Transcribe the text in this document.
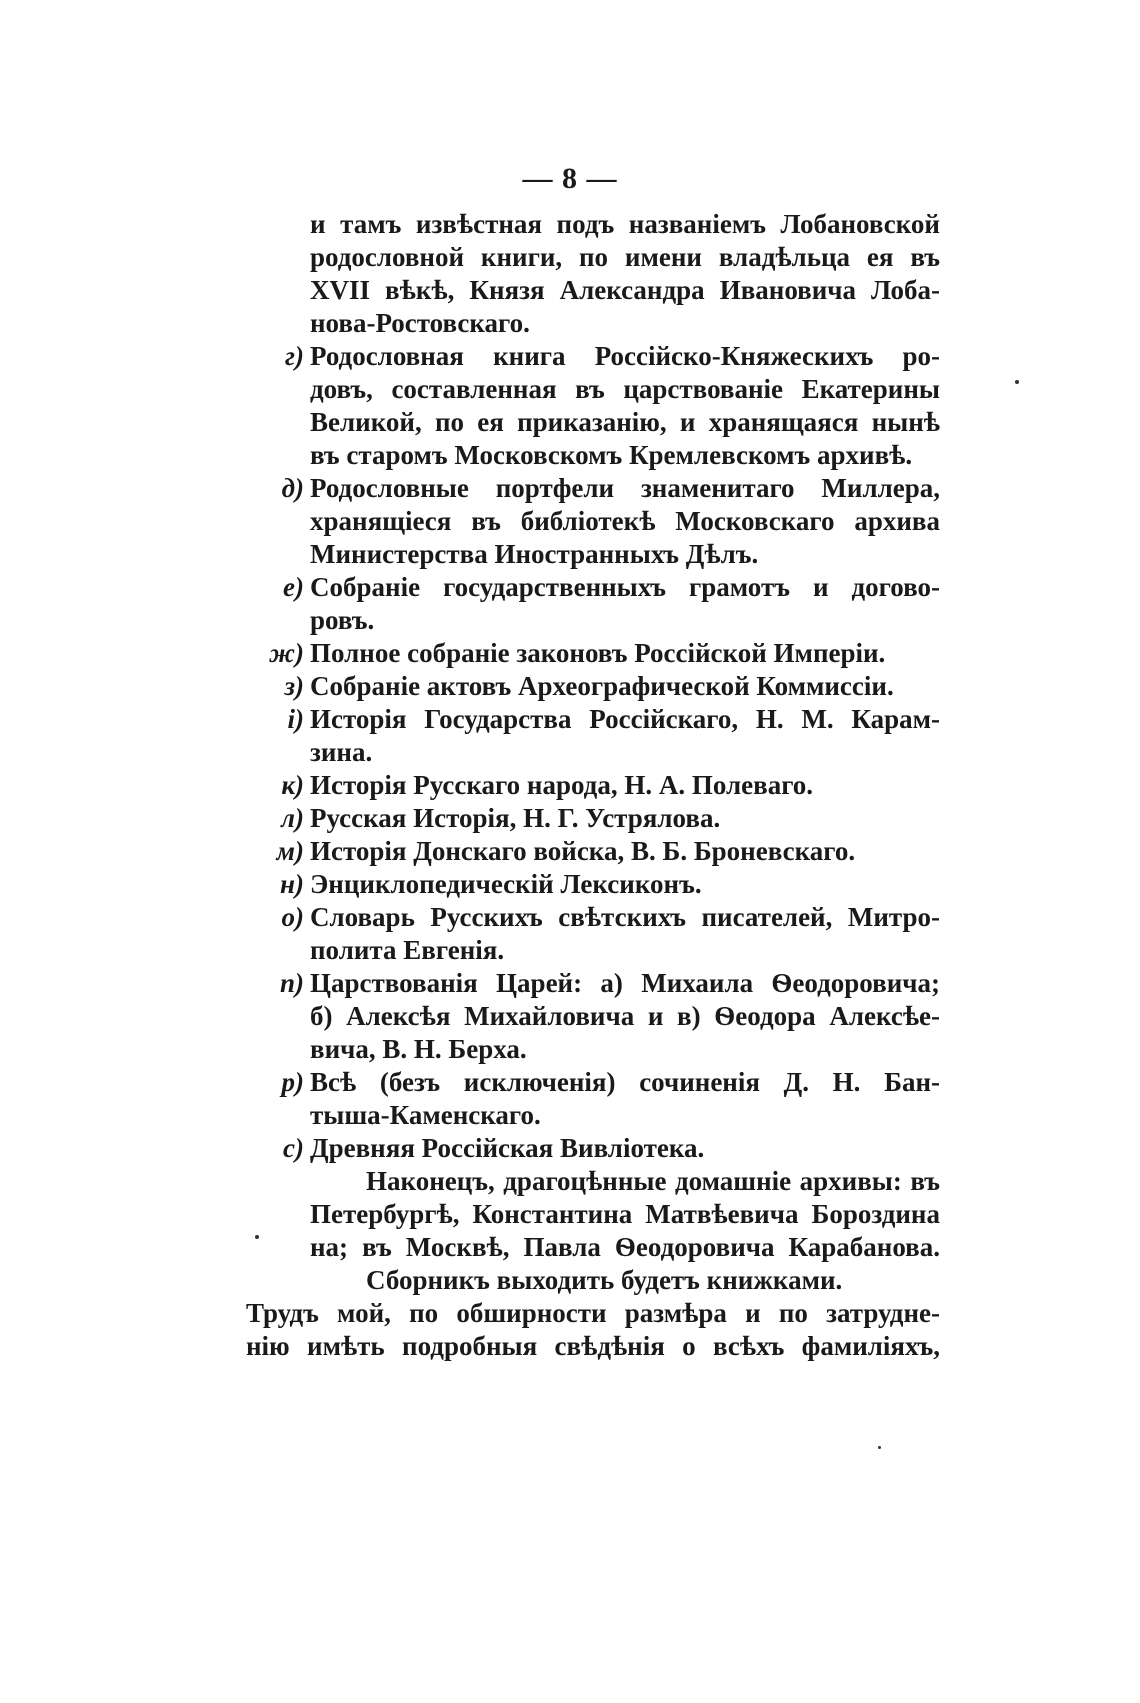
— 8 —
и тамъ извѣстная подъ названіемъ Лобановской
родословной книги, по имени владѣльца ея въ
XVII вѣкѣ, Князя Александра Ивановича Лоба-
нова-Ростовскаго.
г) Родословная книга Россійско-Княжескихъ ро-
довъ, составленная въ царствованіе Екатерины
Великой, по ея приказанію, и хранящаяся нынѣ
въ старомъ Московскомъ Кремлевскомъ архивѣ.
д) Родословные портфели знаменитаго Миллера,
хранящіеся въ библіотекѣ Московскаго архива
Министерства Иностранныхъ Дѣлъ.
е) Собраніе государственныхъ грамотъ и догово-
ровъ.
ж) Полное собраніе законовъ Россійской Имперіи.
з) Собраніе актовъ Археографической Коммиссіи.
і) Исторія Государства Россійскаго, Н. М. Карам-
зина.
к) Исторія Русскаго народа, Н. А. Полеваго.
л) Русская Исторія, Н. Г. Устрялова.
м) Исторія Донскаго войска, В. Б. Броневскаго.
н) Энциклопедическій Лексиконъ.
о) Словарь Русскихъ свѣтскихъ писателей, Митро-
полита Евгенія.
п) Царствованія Царей: а) Михаила Ѳеодоровича;
б) Алексѣя Михайловича и в) Ѳеодора Алексѣе-
вича, В. Н. Берха.
р) Всѣ (безъ исключенія) сочиненія Д. Н. Бан-
тыша-Каменскаго.
с) Древняя Россійская Вивліотека.
Наконецъ, драгоцѣнные домашніе архивы: въ
Петербургѣ, Константина Матвѣевича Бороздина
на; въ Москвѣ, Павла Ѳеодоровича Карабанова.
Сборникъ выходить будетъ книжками.
Трудъ мой, по обширности размѣра и по затрудне-
нію имѣть подробныя свѣдѣнія о всѣхъ фамиліяхъ,
